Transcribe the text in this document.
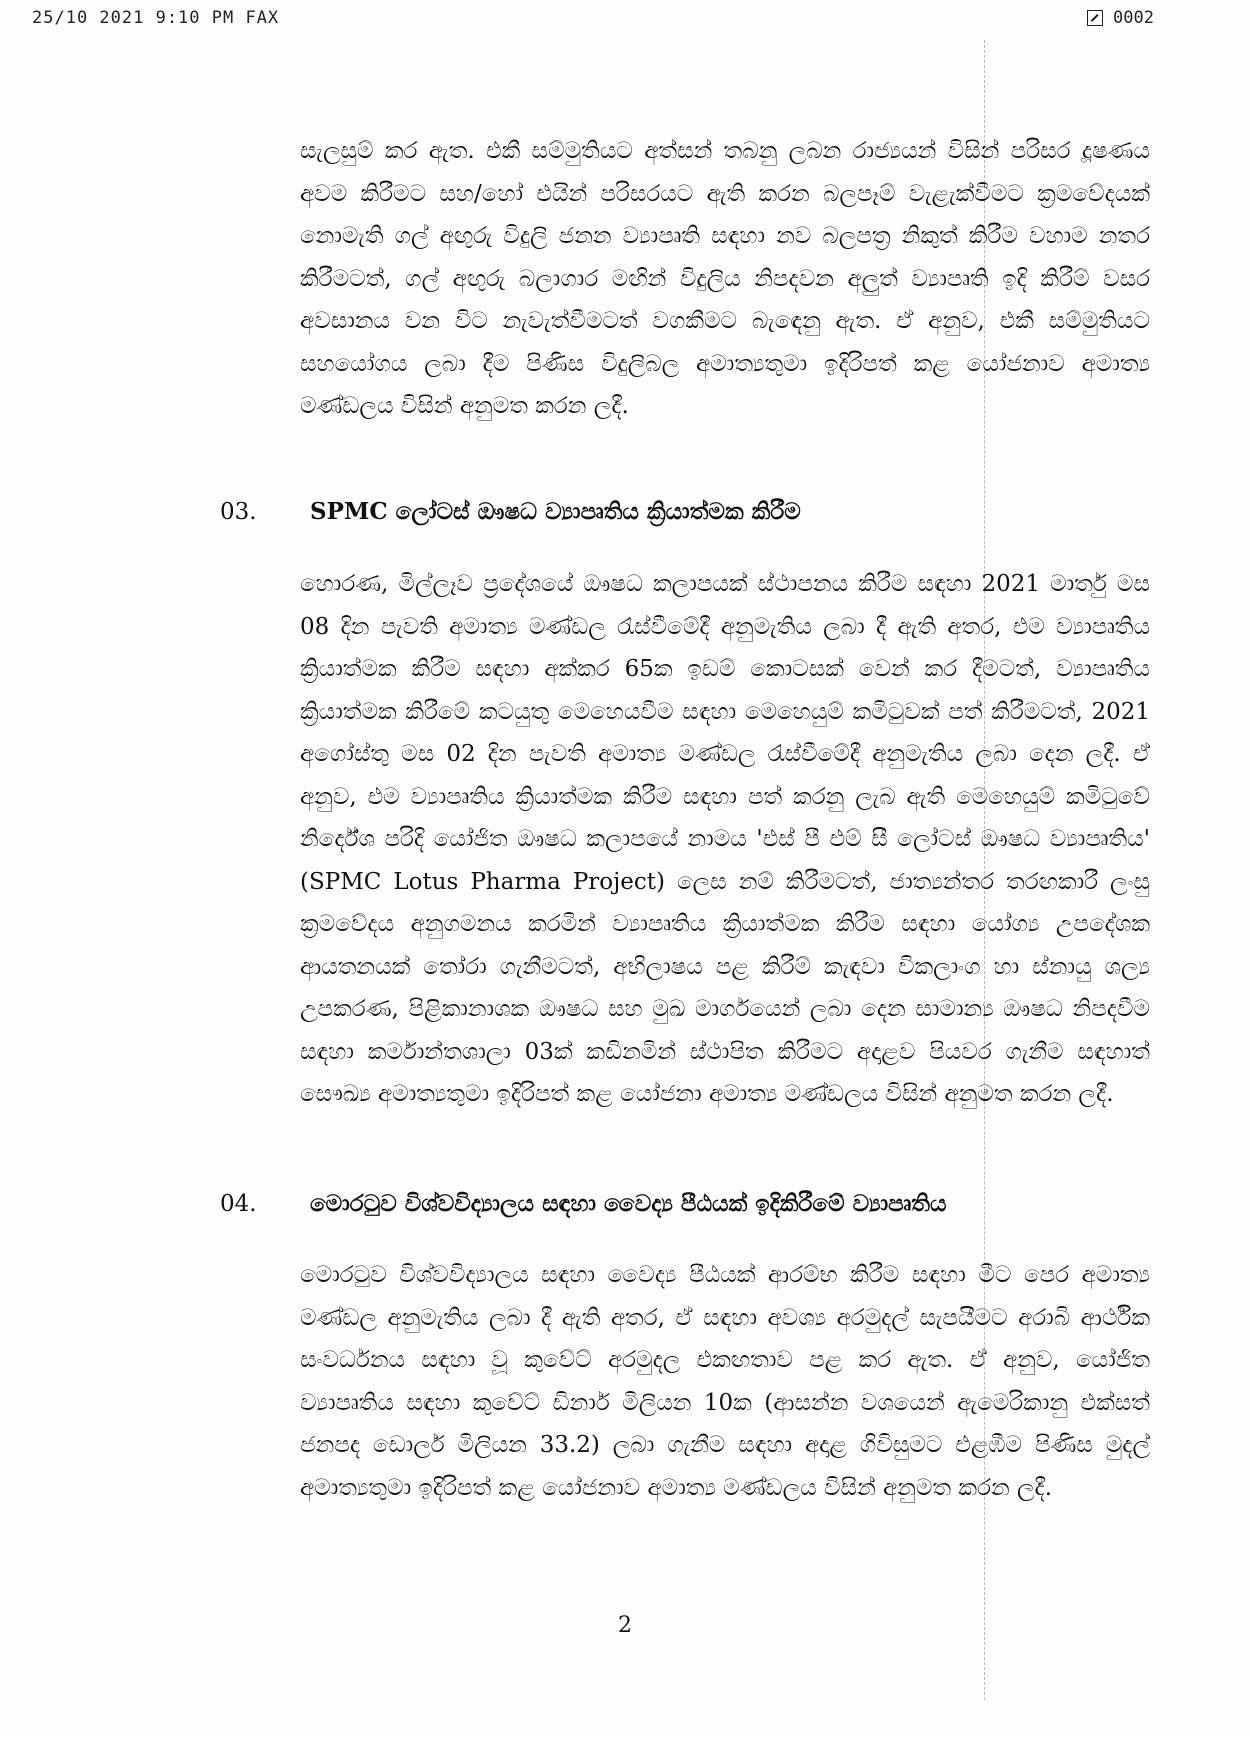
25/10 2021 9:10 PM FAX	0002
සැලසුම් කර ඇත. එකී සම්මුතියට අත්සන් තබනු ලබන රාජ්‍යයන් විසින් පරිසර දූෂණය අවම කිරීමට සහ/හෝ එයින් පරිසරයට ඇති කරන බලපෑම් වැළැක්වීමට ක්‍රමවේදයක් නොමැති ගල් අඟුරු විදුලි ජනන ව්‍යාපෘති සඳහා නව බලපත්‍ර නිකුත් කිරීම වහාම නතර කිරීමටත්, ගල් අඟුරු බලාගාර මඟින් විදුලිය නිපදවන අලුත් ව්‍යාපෘති ඉදි කිරීම් වසර අවසානය වන විට නැවැත්වීමටත් වගකීමට බැඳෙනු ඇත. ඒ අනුව, එකී සම්මුතියට සහයෝගය ලබා දීම පිණිස විදුලිබල අමාත්‍යතුමා ඉදිරිපත් කළ යෝජනාව අමාත්‍ය මණ්ඩලය විසින් අනුමත කරන ලදී.
03. SPMC ලෝටස් ඖෂධ ව්‍යාපෘතිය ක්‍රියාත්මක කිරීම
හොරණ, මිල්ලෑව ප්‍රදේශයේ ඖෂධ කලාපයක් ස්ථාපනය කිරීම සඳහා 2021 මාර්තු මස 08 දින පැවති අමාත්‍ය මණ්ඩල රැස්වීමේදී අනුමැතිය ලබා දී ඇති අතර, එම ව්‍යාපෘතිය ක්‍රියාත්මක කිරීම සඳහා අක්කර 65ක ඉඩම් කොටසක් වෙන් කර දීමටත්, ව්‍යාපෘතිය ක්‍රියාත්මක කිරීමේ කටයුතු මෙහෙයවීම සඳහා මෙහෙයුම් කමිටුවක් පත් කිරීමටත්, 2021 අගෝස්තු මස 02 දින පැවති අමාත්‍ය මණ්ඩල රැස්වීමේදී අනුමැතිය ලබා දෙන ලදී. ඒ අනුව, එම ව්‍යාපෘතිය ක්‍රියාත්මක කිරීම සඳහා පත් කරනු ලැබ ඇති මෙහෙයුම් කමිටුවේ නිර්දේශ පරිදි යෝජිත ඖෂධ කලාපයේ නාමය 'එස් පී එම් සී ලෝටස් ඖෂධ ව්‍යාපෘතිය' (SPMC Lotus Pharma Project) ලෙස නම් කිරීමටත්, ජාත්‍යන්තර තරඟකාරී ලංසු ක්‍රමවේදය අනුගමනය කරමින් ව්‍යාපෘතිය ක්‍රියාත්මක කිරීම සඳහා යෝග්‍ය උපදේශක ආයතනයක් තෝරා ගැනීමටත්, අභිලාෂය පළ කිරීම් කැඳවා විකලාංග හා ස්නායු ශල්‍ය උපකරණ, පිළිකානාශක ඖෂධ සහ මුඛ මාර්ගයෙන් ලබා දෙන සාමාන්‍ය ඖෂධ නිපදවීම සඳහා කර්මාන්තශාලා 03ක් කඩිනමින් ස්ථාපිත කිරීමට අදාළව පියවර ගැනීම සඳහාත් සෞඛ්‍ය අමාත්‍යතුමා ඉදිරිපත් කළ යෝජනා අමාත්‍ය මණ්ඩලය විසින් අනුමත කරන ලදී.
04. මොරටුව විශ්වවිද්‍යාලය සඳහා වෛද්‍ය පීඨයක් ඉදිකිරීමේ ව්‍යාපෘතිය
මොරටුව විශ්වවිද්‍යාලය සඳහා වෛද්‍ය පීඨයක් ආරම්භ කිරීම සඳහා මීට පෙර අමාත්‍ය මණ්ඩල අනුමැතිය ලබා දී ඇති අතර, ඒ සඳහා අවශ්‍ය අරමුදල් සැපයීමට අරාබි ආර්ථික සංවර්ධනය සඳහා වූ කුවේට් අරමුදල එකඟතාව පළ කර ඇත. ඒ අනුව, යෝජිත ව්‍යාපෘතිය සඳහා කුවේට් ඩිනාර් මිලියන 10ක (ආසන්න වශයෙන් ඇමෙරිකානු එක්සත් ජනපද ඩොලර් මිලියන 33.2) ලබා ගැනීම සඳහා අදාළ ගිවිසුමට එළඹීම පිණිස මුදල් අමාත්‍යතුමා ඉදිරිපත් කළ යෝජනාව අමාත්‍ය මණ්ඩලය විසින් අනුමත කරන ලදී.
2
